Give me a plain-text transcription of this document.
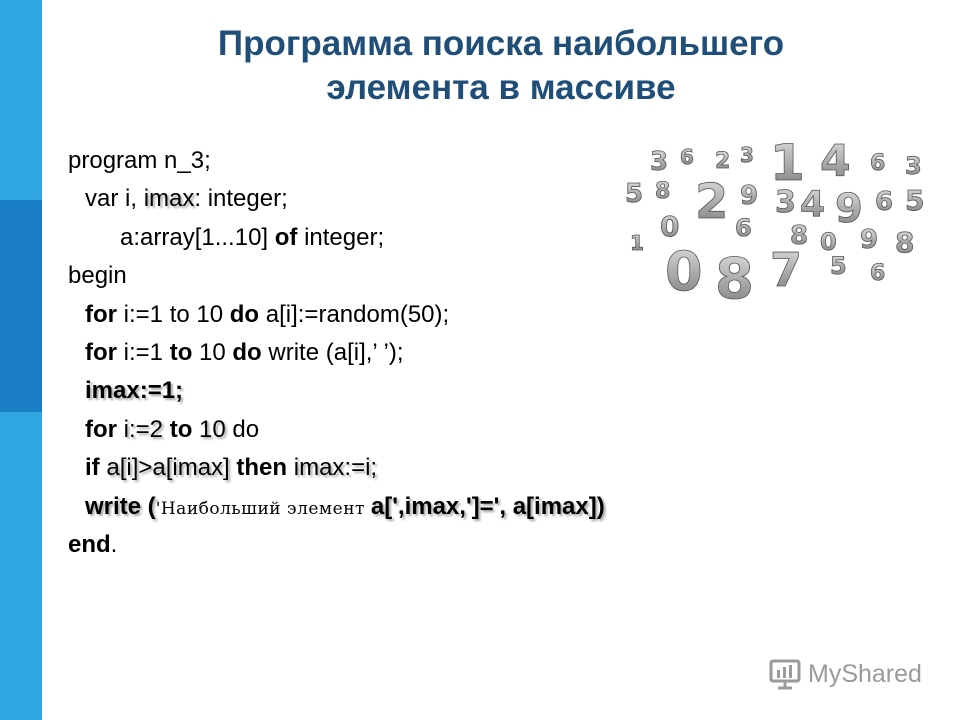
Программа поиска наибольшего
элемента в массиве
3 6 2 3 1 4 6 3
5 8 2 9 3 4 9 6 5
0 6 8 0 9 8
1 0 8 7 5 6
program n_3;
var i, imax: integer;
a:array[1...10] of integer;
begin
for i:=1 to 10 do a[i]:=random(50);
for i:=1 to 10 do write (a[i],’ ’);
imax:=1;
for i:=2 to 10 do
if a[i]>a[imax] then imax:=i;
write ('Наибольший элемент a[',imax,']=', a[imax])
end.
MyShared
